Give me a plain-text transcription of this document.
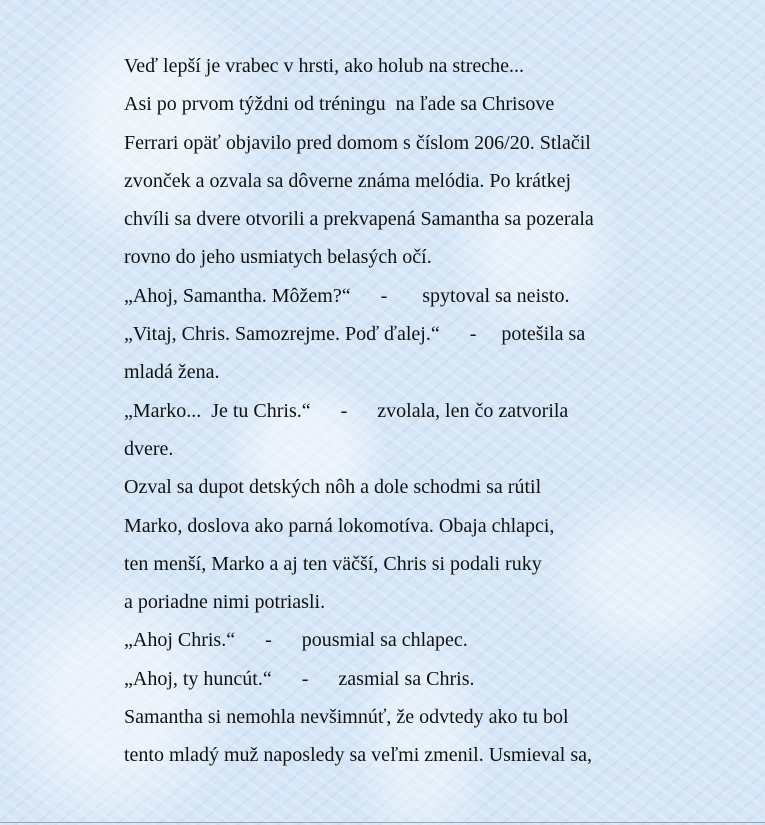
Veď lepší je vrabec v hrsti, ako holub na streche...
Asi po prvom týždni od tréningu  na ľade sa Chrisove
Ferrari opäť objavilo pred domom s číslom 206/20. Stlačil
zvonček a ozvala sa dôverne známa melódia. Po krátkej
chvíli sa dvere otvorili a prekvapená Samantha sa pozerala
rovno do jeho usmiatych belasých očí.
„Ahoj, Samantha. Môžem?“      -       spytoval sa neisto.
„Vitaj, Chris. Samozrejme. Poď ďalej.“      -     potešila sa
mladá žena.
„Marko...  Je tu Chris.“      -      zvolala, len čo zatvorila
dvere.
Ozval sa dupot detských nôh a dole schodmi sa rútil
Marko, doslova ako parná lokomotíva. Obaja chlapci,
ten menší, Marko a aj ten väčší, Chris si podali ruky
a poriadne nimi potriasli.
„Ahoj Chris.“      -      pousmial sa chlapec.
„Ahoj, ty huncút.“      -      zasmial sa Chris.
Samantha si nemohla nevšimnúť, že odvtedy ako tu bol
tento mladý muž naposledy sa veľmi zmenil. Usmieval sa,
